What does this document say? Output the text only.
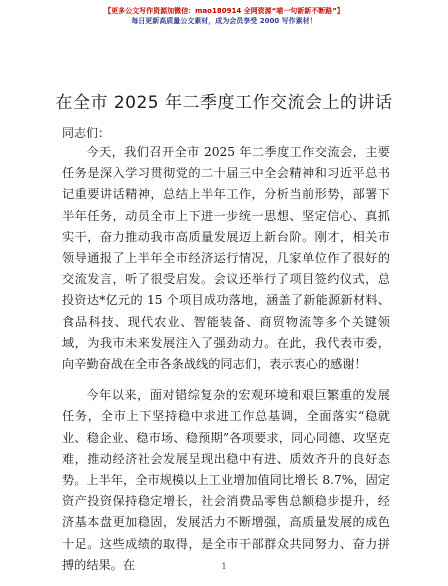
【更多公文写作资源加微信：mao180914 全网资源“喵一句新新不断路”】
每日更新高质量公文素材，成为会员享受 2000 写作素材！
在全市 2025 年二季度工作交流会上的讲话
同志们：

今天，我们召开全市 2025 年二季度工作交流会，主要任务是深入学习贯彻党的二十届三中全会精神和习近平总书记重要讲话精神，总结上半年工作，分析当前形势，部署下半年任务，动员全市上下进一步统一思想、坚定信心、真抓实干，奋力推动我市高质量发展迈上新台阶。刚才，相关市领导通报了上半年全市经济运行情况，几家单位作了很好的交流发言，听了很受启发。会议还举行了项目签约仪式，总投资达*亿元的 15 个项目成功落地，涵盖了新能源新材料、食品科技、现代农业、智能装备、商贸物流等多个关键领域，为我市未来发展注入了强劲动力。在此，我代表市委，向辛勤奋战在全市各条战线的同志们，表示衷心的感谢！

今年以来，面对错综复杂的宏观环境和艰巨繁重的发展任务，全市上下坚持稳中求进工作总基调，全面落实“稳就业、稳企业、稳市场、稳预期”各项要求，同心同德、攻坚克难，推动经济社会发展呈现出稳中有进、质效齐升的良好态势。上半年，全市规模以上工业增加值同比增长 8.7%，固定资产投资保持稳定增长，社会消费品零售总额稳步提升，经济基本盘更加稳固，发展活力不断增强，高质量发展的成色十足。这些成绩的取得，是全市干部群众共同努力、奋力拼搏的结果。在	1
